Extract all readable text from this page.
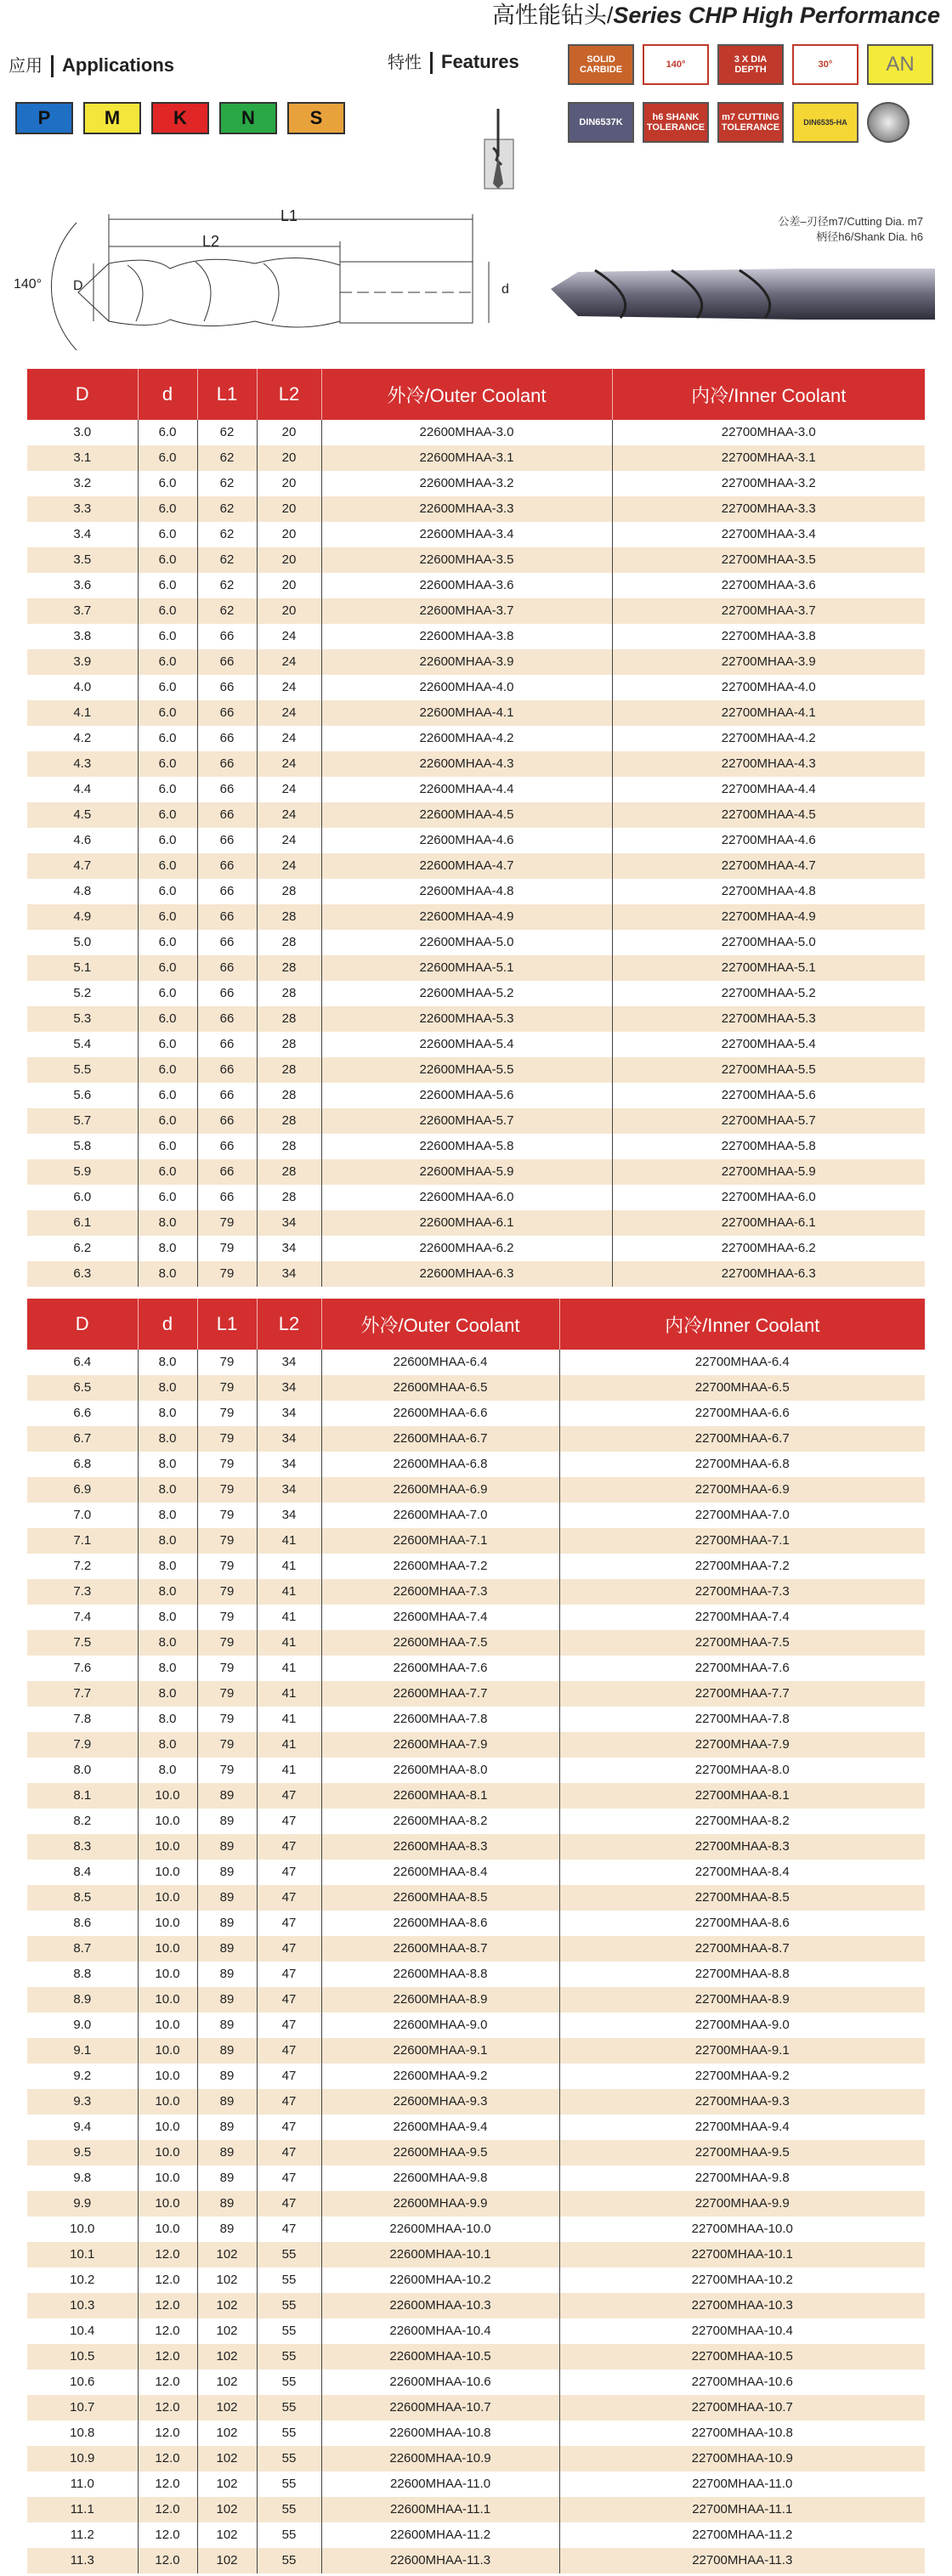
高性能钻头/Series CHP High Performance
应用 Applications
P	M	K	N	S
特性 Features	SOLID CARBIDE	140°	3 X DIA DEPTH	30°	AN
DIN6537K	h6 SHANK TOLERANCE
m7 CUTTING TOLERANCE	DIN6535-HA
140° D
L1
L2
d
公差–刃径m7/Cutting Dia. m7
柄径h6/Shank Dia. h6
D	d	L1	L2	外冷/Outer Coolant	内冷/Inner Coolant
3.0	6.0	62	20	22600MHAA-3.0	22700MHAA-3.0
3.1	6.0	62	20	22600MHAA-3.1	22700MHAA-3.1
3.2	6.0	62	20	22600MHAA-3.2	22700MHAA-3.2
3.3	6.0	62	20	22600MHAA-3.3	22700MHAA-3.3
3.4	6.0	62	20	22600MHAA-3.4	22700MHAA-3.4
3.5	6.0	62	20	22600MHAA-3.5	22700MHAA-3.5
3.6	6.0	62	20	22600MHAA-3.6	22700MHAA-3.6
3.7	6.0	62	20	22600MHAA-3.7	22700MHAA-3.7
3.8	6.0	66	24	22600MHAA-3.8	22700MHAA-3.8
3.9	6.0	66	24	22600MHAA-3.9	22700MHAA-3.9
4.0	6.0	66	24	22600MHAA-4.0	22700MHAA-4.0
4.1	6.0	66	24	22600MHAA-4.1	22700MHAA-4.1
4.2	6.0	66	24	22600MHAA-4.2	22700MHAA-4.2
4.3	6.0	66	24	22600MHAA-4.3	22700MHAA-4.3
4.4	6.0	66	24	22600MHAA-4.4	22700MHAA-4.4
4.5	6.0	66	24	22600MHAA-4.5	22700MHAA-4.5
4.6	6.0	66	24	22600MHAA-4.6	22700MHAA-4.6
4.7	6.0	66	24	22600MHAA-4.7	22700MHAA-4.7
4.8	6.0	66	28	22600MHAA-4.8	22700MHAA-4.8
4.9	6.0	66	28	22600MHAA-4.9	22700MHAA-4.9
5.0	6.0	66	28	22600MHAA-5.0	22700MHAA-5.0
5.1	6.0	66	28	22600MHAA-5.1	22700MHAA-5.1
5.2	6.0	66	28	22600MHAA-5.2	22700MHAA-5.2
5.3	6.0	66	28	22600MHAA-5.3	22700MHAA-5.3
5.4	6.0	66	28	22600MHAA-5.4	22700MHAA-5.4
5.5	6.0	66	28	22600MHAA-5.5	22700MHAA-5.5
5.6	6.0	66	28	22600MHAA-5.6	22700MHAA-5.6
5.7	6.0	66	28	22600MHAA-5.7	22700MHAA-5.7
5.8	6.0	66	28	22600MHAA-5.8	22700MHAA-5.8
5.9	6.0	66	28	22600MHAA-5.9	22700MHAA-5.9
6.0	6.0	66	28	22600MHAA-6.0	22700MHAA-6.0
6.1	8.0	79	34	22600MHAA-6.1	22700MHAA-6.1
6.2	8.0	79	34	22600MHAA-6.2	22700MHAA-6.2
6.3	8.0	79	34	22600MHAA-6.3	22700MHAA-6.3
D	d	L1	L2	外冷/Outer Coolant	内冷/Inner Coolant
6.4	8.0	79	34	22600MHAA-6.4	22700MHAA-6.4
6.5	8.0	79	34	22600MHAA-6.5	22700MHAA-6.5
6.6	8.0	79	34	22600MHAA-6.6	22700MHAA-6.6
6.7	8.0	79	34	22600MHAA-6.7	22700MHAA-6.7
6.8	8.0	79	34	22600MHAA-6.8	22700MHAA-6.8
6.9	8.0	79	34	22600MHAA-6.9	22700MHAA-6.9
7.0	8.0	79	34	22600MHAA-7.0	22700MHAA-7.0
7.1	8.0	79	41	22600MHAA-7.1	22700MHAA-7.1
7.2	8.0	79	41	22600MHAA-7.2	22700MHAA-7.2
7.3	8.0	79	41	22600MHAA-7.3	22700MHAA-7.3
7.4	8.0	79	41	22600MHAA-7.4	22700MHAA-7.4
7.5	8.0	79	41	22600MHAA-7.5	22700MHAA-7.5
7.6	8.0	79	41	22600MHAA-7.6	22700MHAA-7.6
7.7	8.0	79	41	22600MHAA-7.7	22700MHAA-7.7
7.8	8.0	79	41	22600MHAA-7.8	22700MHAA-7.8
7.9	8.0	79	41	22600MHAA-7.9	22700MHAA-7.9
8.0	8.0	79	41	22600MHAA-8.0	22700MHAA-8.0
8.1	10.0	89	47	22600MHAA-8.1	22700MHAA-8.1
8.2	10.0	89	47	22600MHAA-8.2	22700MHAA-8.2
8.3	10.0	89	47	22600MHAA-8.3	22700MHAA-8.3
8.4	10.0	89	47	22600MHAA-8.4	22700MHAA-8.4
8.5	10.0	89	47	22600MHAA-8.5	22700MHAA-8.5
8.6	10.0	89	47	22600MHAA-8.6	22700MHAA-8.6
8.7	10.0	89	47	22600MHAA-8.7	22700MHAA-8.7
8.8	10.0	89	47	22600MHAA-8.8	22700MHAA-8.8
8.9	10.0	89	47	22600MHAA-8.9	22700MHAA-8.9
9.0	10.0	89	47	22600MHAA-9.0	22700MHAA-9.0
9.1	10.0	89	47	22600MHAA-9.1	22700MHAA-9.1
9.2	10.0	89	47	22600MHAA-9.2	22700MHAA-9.2
9.3	10.0	89	47	22600MHAA-9.3	22700MHAA-9.3
9.4	10.0	89	47	22600MHAA-9.4	22700MHAA-9.4
9.5	10.0	89	47	22600MHAA-9.5	22700MHAA-9.5
9.8	10.0	89	47	22600MHAA-9.8	22700MHAA-9.8
9.9	10.0	89	47	22600MHAA-9.9	22700MHAA-9.9
10.0	10.0	89	47	22600MHAA-10.0	22700MHAA-10.0
10.1	12.0	102	55	22600MHAA-10.1	22700MHAA-10.1
10.2	12.0	102	55	22600MHAA-10.2	22700MHAA-10.2
10.3	12.0	102	55	22600MHAA-10.3	22700MHAA-10.3
10.4	12.0	102	55	22600MHAA-10.4	22700MHAA-10.4
10.5	12.0	102	55	22600MHAA-10.5	22700MHAA-10.5
10.6	12.0	102	55	22600MHAA-10.6	22700MHAA-10.6
10.7	12.0	102	55	22600MHAA-10.7	22700MHAA-10.7
10.8	12.0	102	55	22600MHAA-10.8	22700MHAA-10.8
10.9	12.0	102	55	22600MHAA-10.9	22700MHAA-10.9
11.0	12.0	102	55	22600MHAA-11.0	22700MHAA-11.0
11.1	12.0	102	55	22600MHAA-11.1	22700MHAA-11.1
11.2	12.0	102	55	22600MHAA-11.2	22700MHAA-11.2
11.3	12.0	102	55	22600MHAA-11.3	22700MHAA-11.3
